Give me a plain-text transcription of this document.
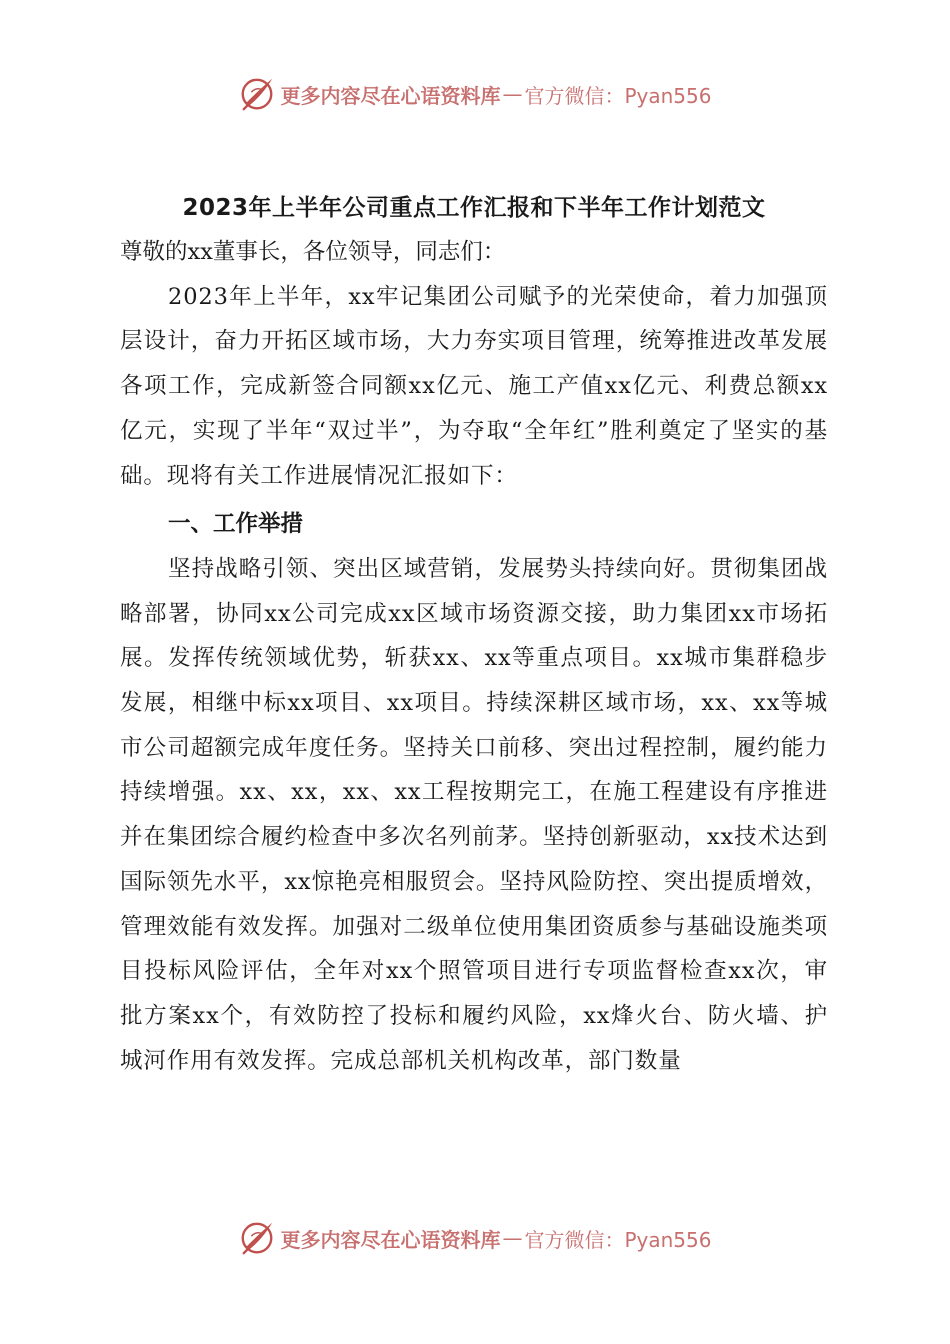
更多内容尽在心语资料库 — 官方微信：Pyan556

2023年上半年公司重点工作汇报和下半年工作计划范文

尊敬的xx董事长，各位领导，同志们：

2023年上半年，xx牢记集团公司赋予的光荣使命，着力加强顶层设计，奋力开拓区域市场，大力夯实项目管理，统筹推进改革发展各项工作，完成新签合同额xx亿元、施工产值xx亿元、利费总额xx亿元，实现了半年“双过半”，为夺取“全年红”胜利奠定了坚实的基础。现将有关工作进展情况汇报如下：

一、工作举措

坚持战略引领、突出区域营销，发展势头持续向好。贯彻集团战略部署，协同xx公司完成xx区域市场资源交接，助力集团xx市场拓展。发挥传统领域优势，斩获xx、xx等重点项目。xx城市集群稳步发展，相继中标xx项目、xx项目。持续深耕区域市场，xx、xx等城市公司超额完成年度任务。坚持关口前移、突出过程控制，履约能力持续增强。xx、xx，xx、xx工程按期完工，在施工程建设有序推进并在集团综合履约检查中多次名列前茅。坚持创新驱动，xx技术达到国际领先水平，xx惊艳亮相服贸会。坚持风险防控、突出提质增效，管理效能有效发挥。加强对二级单位使用集团资质参与基础设施类项目投标风险评估，全年对xx个照管项目进行专项监督检查xx次，审批方案xx个，有效防控了投标和履约风险，xx烽火台、防火墙、护城河作用有效发挥。完成总部机关机构改革，部门数量

更多内容尽在心语资料库 — 官方微信：Pyan556
